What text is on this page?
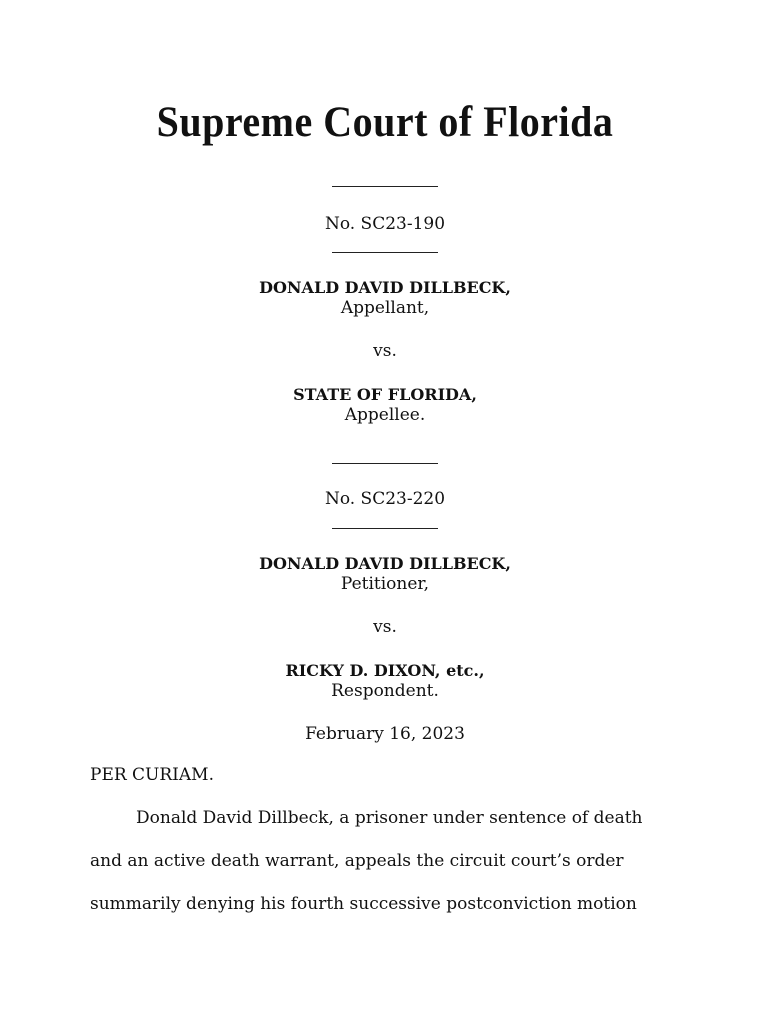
Supreme Court of Florida
No. SC23-190
DONALD DAVID DILLBECK,
Appellant,
vs.
STATE OF FLORIDA,
Appellee.
No. SC23-220
DONALD DAVID DILLBECK,
Petitioner,
vs.
RICKY D. DIXON, etc.,
Respondent.
February 16, 2023
PER CURIAM.
Donald David Dillbeck, a prisoner under sentence of death
and an active death warrant, appeals the circuit court’s order
summarily denying his fourth successive postconviction motion
